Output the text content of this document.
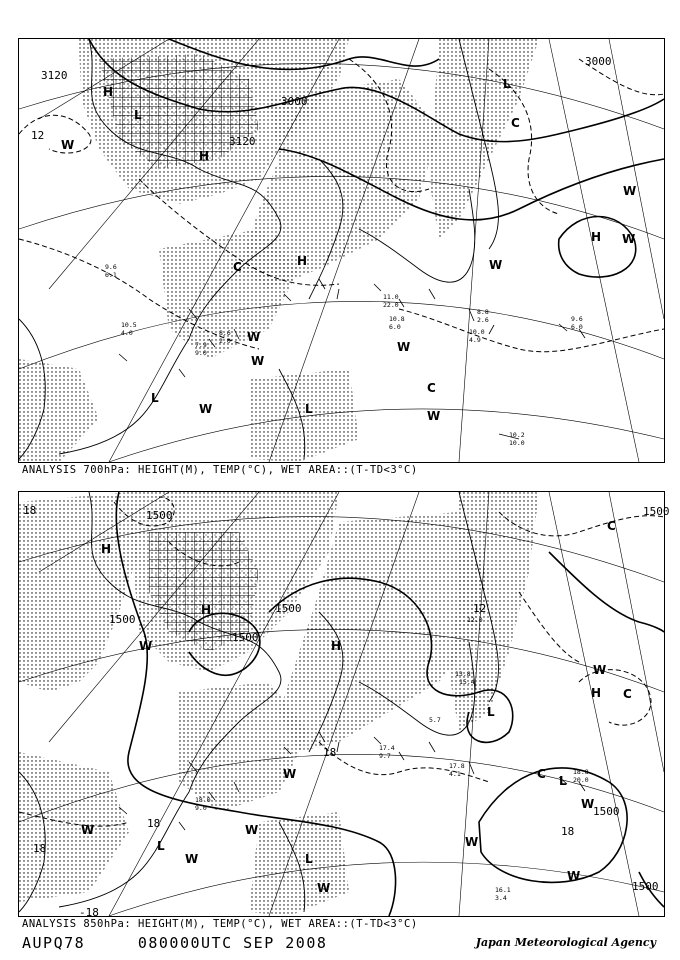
3120
3000
3120
3000
12
H
L
H
L
H
H
L
L
C
C
C
W
W
W
W
W
W
W
W	W
10.2
10.0
9.6
6.0
8.8
2.6
10.0
4.9
11.0
22.0
10.8
6.0
10.5
4.0
7.9
9.0
8.6
2.0
9.6
6.1
ANALYSIS 700hPa: HEIGHT(M), TEMP(°C), WET AREA::(T-TD<3°C)
1500
1500
1500
1500
1500
1500
1500
18
18
18
18
18
12
-18
H
H
H
H
L
L
L
L
C
C
C
W
W
W
W
W	W
W
W
W
W
17.8
4.1
18.0
9.0
16.1
3.4
12.0
18.8
15.4
5.7
17.4
9.7
13.8
20.0
ANALYSIS 850hPa: HEIGHT(M), TEMP(°C), WET AREA::(T-TD<3°C)
AUPQ78	080000UTC SEP 2008	Japan Meteorological Agency
